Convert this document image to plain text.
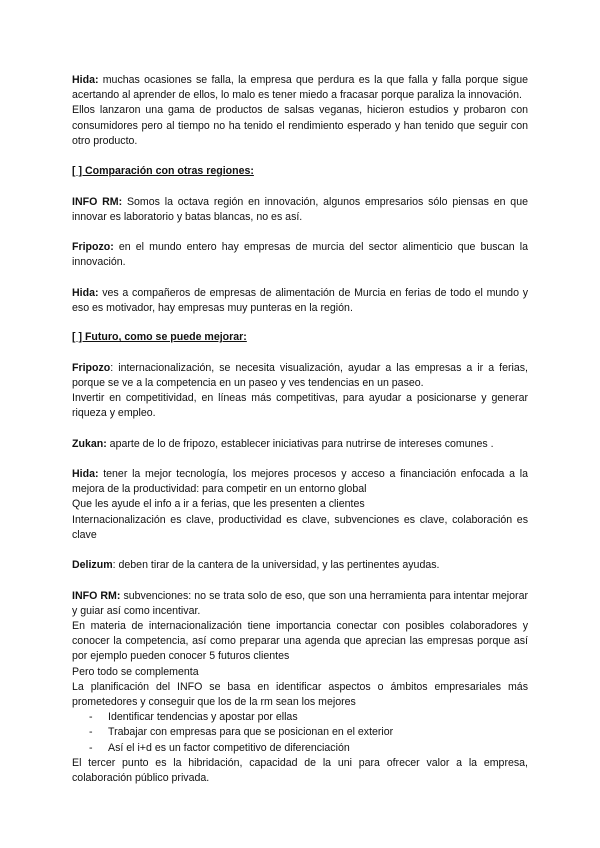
Hida: muchas ocasiones se falla, la empresa que perdura es la que falla y falla porque sigue acertando al aprender de ellos, lo malo es tener miedo a fracasar porque paraliza la innovación.

Ellos lanzaron una gama de productos de salsas veganas, hicieron estudios y probaron con consumidores pero al tiempo no ha tenido el rendimiento esperado y han tenido que seguir con otro producto.

[ ] Comparación con otras regiones:

INFO RM: Somos la octava región en innovación, algunos empresarios sólo piensas en que innovar es laboratorio y batas blancas, no es así.

Fripozo: en el mundo entero hay empresas de murcia del sector alimenticio que buscan la innovación.

Hida: ves a compañeros de empresas de alimentación de Murcia en ferias de todo el mundo y eso es motivador, hay empresas muy punteras en la región.

[ ] Futuro, como se puede mejorar:

Fripozo: internacionalización, se necesita visualización, ayudar a las empresas a ir a ferias, porque se ve a la competencia en un paseo y ves tendencias en un paseo.

Invertir en competitividad, en líneas más competitivas, para ayudar a posicionarse y generar riqueza y empleo.

Zukan: aparte de lo de fripozo, establecer iniciativas para nutrirse de intereses comunes .

Hida: tener la mejor tecnología, los mejores procesos y acceso a financiación enfocada a la mejora de la productividad: para competir en un entorno global

Que les ayude el info a ir a ferias, que les presenten a clientes

Internacionalización es clave, productividad es clave, subvenciones es clave, colaboración es clave

Delizum: deben tirar de la cantera de la universidad, y las pertinentes ayudas.

INFO RM: subvenciones: no se trata solo de eso, que son una herramienta para intentar mejorar y guiar así como incentivar.

En materia de internacionalización tiene importancia conectar con posibles colaboradores y conocer la competencia, así como preparar una agenda que aprecian las empresas porque así por ejemplo pueden conocer 5 futuros clientes

Pero todo se complementa

La planificación del INFO se basa en identificar aspectos o ámbitos empresariales más prometedores y conseguir que los de la rm sean los mejores

- Identificar tendencias y apostar por ellas
- Trabajar con empresas para que se posicionan en el exterior
- Así el i+d es un factor competitivo de diferenciación

El tercer punto es la hibridación, capacidad de la uni para ofrecer valor a la empresa, colaboración público privada.
